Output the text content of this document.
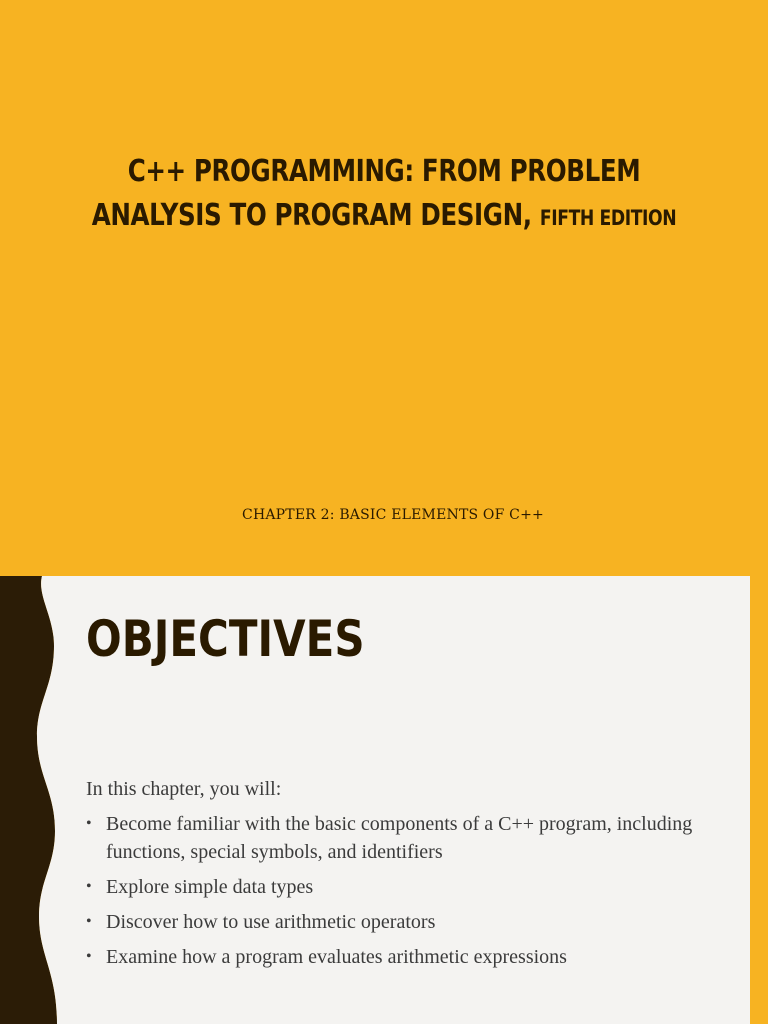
C++ PROGRAMMING: FROM PROBLEM ANALYSIS TO PROGRAM DESIGN, FIFTH EDITION
CHAPTER 2: BASIC ELEMENTS OF C++
OBJECTIVES
In this chapter, you will:
• Become familiar with the basic components of a C++ program, including functions, special symbols, and identifiers
• Explore simple data types
• Discover how to use arithmetic operators
• Examine how a program evaluates arithmetic expressions
